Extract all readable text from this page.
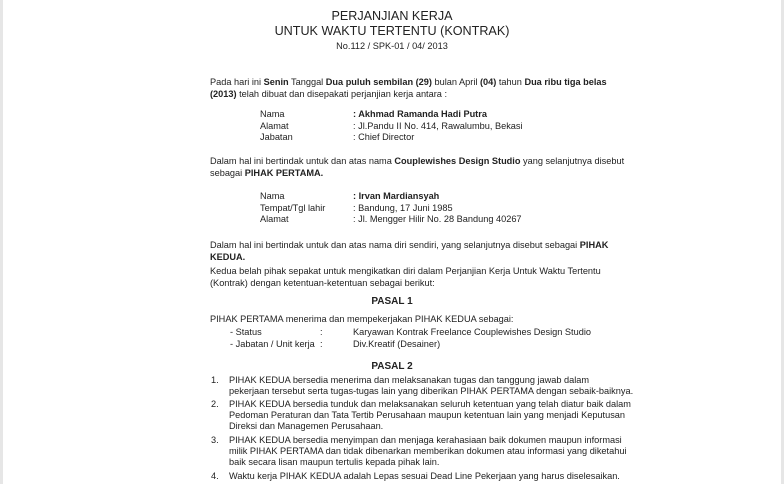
PERJANJIAN KERJA
UNTUK WAKTU TERTENTU (KONTRAK)
No.112 / SPK-01 / 04/ 2013
Pada hari ini Senin Tanggal Dua puluh sembilan (29) bulan April (04) tahun Dua ribu tiga belas
(2013) telah dibuat dan disepakati perjanjian kerja antara :
Nama	: Akhmad Ramanda Hadi Putra
Alamat	: Jl.Pandu II No. 414, Rawalumbu, Bekasi
Jabatan	: Chief Director
Dalam hal ini bertindak untuk dan atas nama Couplewishes Design Studio yang selanjutnya disebut
sebagai PIHAK PERTAMA.
Nama	: Irvan Mardiansyah
Tempat/Tgl lahir	: Bandung, 17 Juni 1985
Alamat	: Jl. Mengger Hilir No. 28 Bandung 40267
Dalam hal ini bertindak untuk dan atas nama diri sendiri, yang selanjutnya disebut sebagai PIHAK
KEDUA.
Kedua belah pihak sepakat untuk mengikatkan diri dalam Perjanjian Kerja Untuk Waktu Tertentu
(Kontrak) dengan ketentuan-ketentuan sebagai berikut:
PASAL 1
PIHAK PERTAMA menerima dan mempekerjakan PIHAK KEDUA sebagai:
- Status	:	Karyawan Kontrak Freelance Couplewishes Design Studio
- Jabatan / Unit kerja :	Div.Kreatif (Desainer)
PASAL 2
1. PIHAK KEDUA bersedia menerima dan melaksanakan tugas dan tanggung jawab dalam
pekerjaan tersebut serta tugas-tugas lain yang diberikan PIHAK PERTAMA dengan sebaik-baiknya.
2. PIHAK KEDUA bersedia tunduk dan melaksanakan seluruh ketentuan yang telah diatur baik dalam
Pedoman Peraturan dan Tata Tertib Perusahaan maupun ketentuan lain yang menjadi Keputusan
Direksi dan Managemen Perusahaan.
3. PIHAK KEDUA bersedia menyimpan dan menjaga kerahasiaan baik dokumen maupun informasi
milik PIHAK PERTAMA dan tidak dibenarkan memberikan dokumen atau informasi yang diketahui
baik secara lisan maupun tertulis kepada pihak lain.
4. Waktu kerja PIHAK KEDUA adalah Lepas sesuai Dead Line Pekerjaan yang harus diselesaikan.
